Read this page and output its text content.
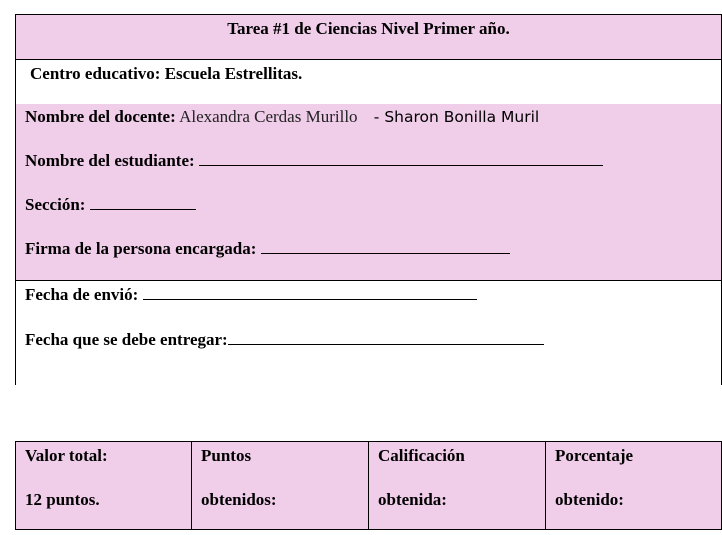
Tarea #1 de Ciencias Nivel Primer año.
Centro educativo: Escuela Estrellitas.
Nombre del docente: Alexandra Cerdas Murillo - Sharon Bonilla Muril
Nombre del estudiante:
Sección:
Firma de la persona encargada:
Fecha de envió:
Fecha que se debe entregar:
Valor total:
12 puntos.
Puntos
obtenidos:
Calificación
obtenida:
Porcentaje
obtenido:
